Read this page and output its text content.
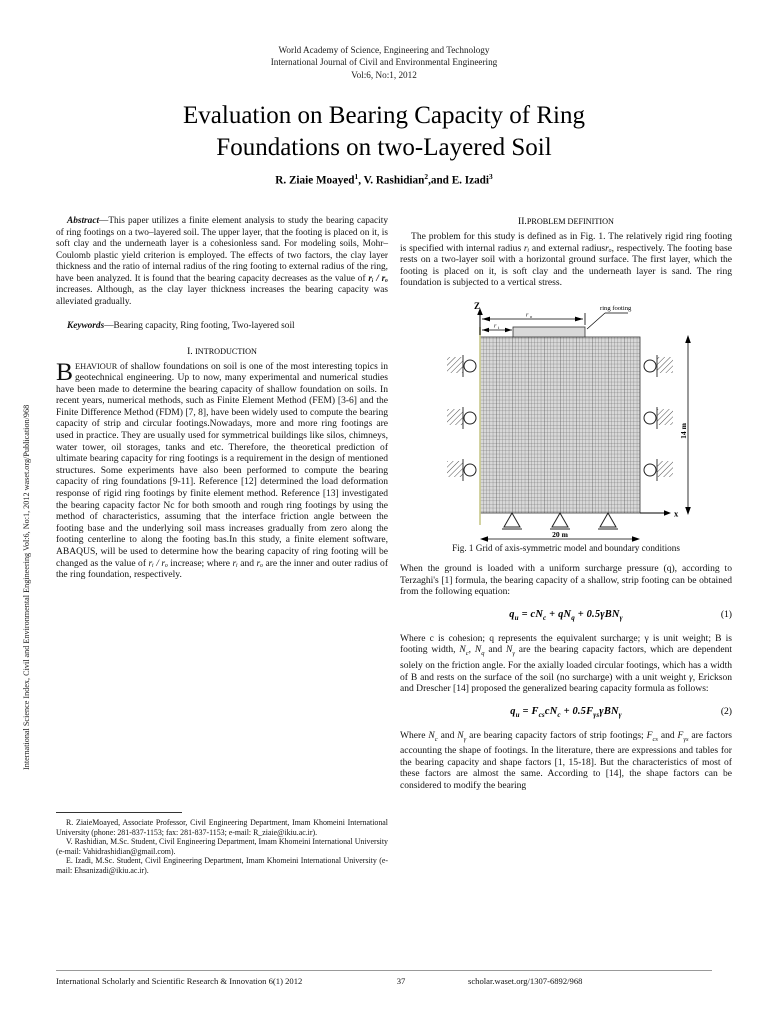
World Academy of Science, Engineering and Technology
International Journal of Civil and Environmental Engineering
Vol:6, No:1, 2012
Evaluation on Bearing Capacity of Ring
Foundations on two-Layered Soil
R. Ziaie Moayed$^1$, V. Rashidian$^2$,and E. Izadi$^3$

Abstract—This paper utilizes a finite element analysis to study the bearing capacity of ring footings on a two–layered soil. The upper layer, that the footing is placed on it, is soft clay and the underneath layer is a cohesionless sand. For modeling soils, Mohr–Coulomb plastic yield criterion is employed. The effects of two factors, the clay layer thickness and the ratio of internal radius of the ring footing to external radius of the ring, have been analyzed. It is found that the bearing capacity decreases as the value of rᵢ / rₒ increases. Although, as the clay layer thickness increases the bearing capacity was alleviated gradually.

Keywords—Bearing capacity, Ring footing, Two-layered soil

I. INTRODUCTION

BEHAVIOUR of shallow foundations on soil is one of the most interesting topics in geotechnical engineering. Up to now, many experimental and numerical studies have been made to determine the bearing capacity of shallow foundation on soils. In recent years, numerical methods, such as Finite Element Method (FEM) [3-6] and the Finite Difference Method (FDM) [7, 8], have been widely used to compute the bearing capacity of strip and circular footings.Nowadays, more and more ring footings are used in practice. They are usually used for symmetrical buildings like silos, chimneys, water tower, oil storages, tanks and etc. Therefore, the theoretical prediction of ultimate bearing capacity for ring footings is a requirement in the design of mentioned structures. Some experiments have also been performed to compute the bearing capacity of ring foundations [9-11]. Reference [12] determined the load deformation response of rigid ring footings by finite element method. Reference [13] investigated the bearing capacity factor Nc for both smooth and rough ring footings by using the method of characteristics, assuming that the interface friction angle between the footing base and the underlying soil mass increases gradually from zero along the footing centerline to along the footing bas.In this study, a finite element software, ABAQUS, will be used to determine how the bearing capacity of ring footing will be changed as the value of rᵢ / rₒ increase; where rᵢ and rₒ are the inner and outer radius of the ring foundation, respectively.

R. ZiaieMoayed, Associate Professor, Civil Engineering Department, Imam Khomeini International University (phone: 281-837-1153; fax: 281-837-1153; e-mail: R_ziaie@ikiu.ac.ir).

V. Rashidian, M.Sc. Student, Civil Engineering Department, Imam Khomeini International University (e-mail: Vahidrashidian@gmail.com).

E. Izadi, M.Sc. Student, Civil Engineering Department, Imam Khomeini International University (e-mail: Ehsanizadi@ikiu.ac.ir).

II.PROBLEM DEFINITION

The problem for this study is defined as in Fig. 1. The relatively rigid ring footing is specified with internal radius rᵢ and external radiusrₒ, respectively. The footing base rests on a two-layer soil with a horizontal ground surface. The first layer, which the footing is placed on it, is soft clay and the underneath layer is sand. The ring foundation is subjected to a vertical stress.

Z
x
r o
r i
ring footing
14 m
20 m
Fig. 1 Grid of axis-symmetric model and boundary conditions

When the ground is loaded with a uniform surcharge pressure (q), according to Terzaghi's [1] formula, the bearing capacity of a shallow, strip footing can be obtained from the following equation:

$q_u = cN_c + qN_q + 0.5\gamma BN_\gamma$	(1)

Where c is cohesion; q represents the equivalent surcharge; γ is unit weight; B is footing width, $N_c$, $N_q$ and $N_\gamma$ are the bearing capacity factors, which are dependent solely on the friction angle. For the axially loaded circular footings, which has a width of B and rests on the surface of the soil (no surcharge) with a unit weight γ, Erickson and Drescher [14] proposed the generalized bearing capacity formula as follows:

$q_u = F_{cs}cN_c + 0.5F_{\gamma s}\gamma BN_\gamma$	(2)

Where $N_c$ and $N_\gamma$ are bearing capacity factors of strip footings; $F_{cs}$ and $F_{\gamma s}$ are factors accounting the shape of footings. In the literature, there are expressions and tables for the bearing capacity and shape factors [1, 15-18]. But the characteristics of most of these factors are almost the same. According to [14], the shape factors can be considered to modify the bearing

International Science Index, Civil and Environmental Engineering Vol:6, No:1, 2012 waset.org/Publication/968
International Scholarly and Scientific Research & Innovation 6(1) 2012	37	scholar.waset.org/1307-6892/968
